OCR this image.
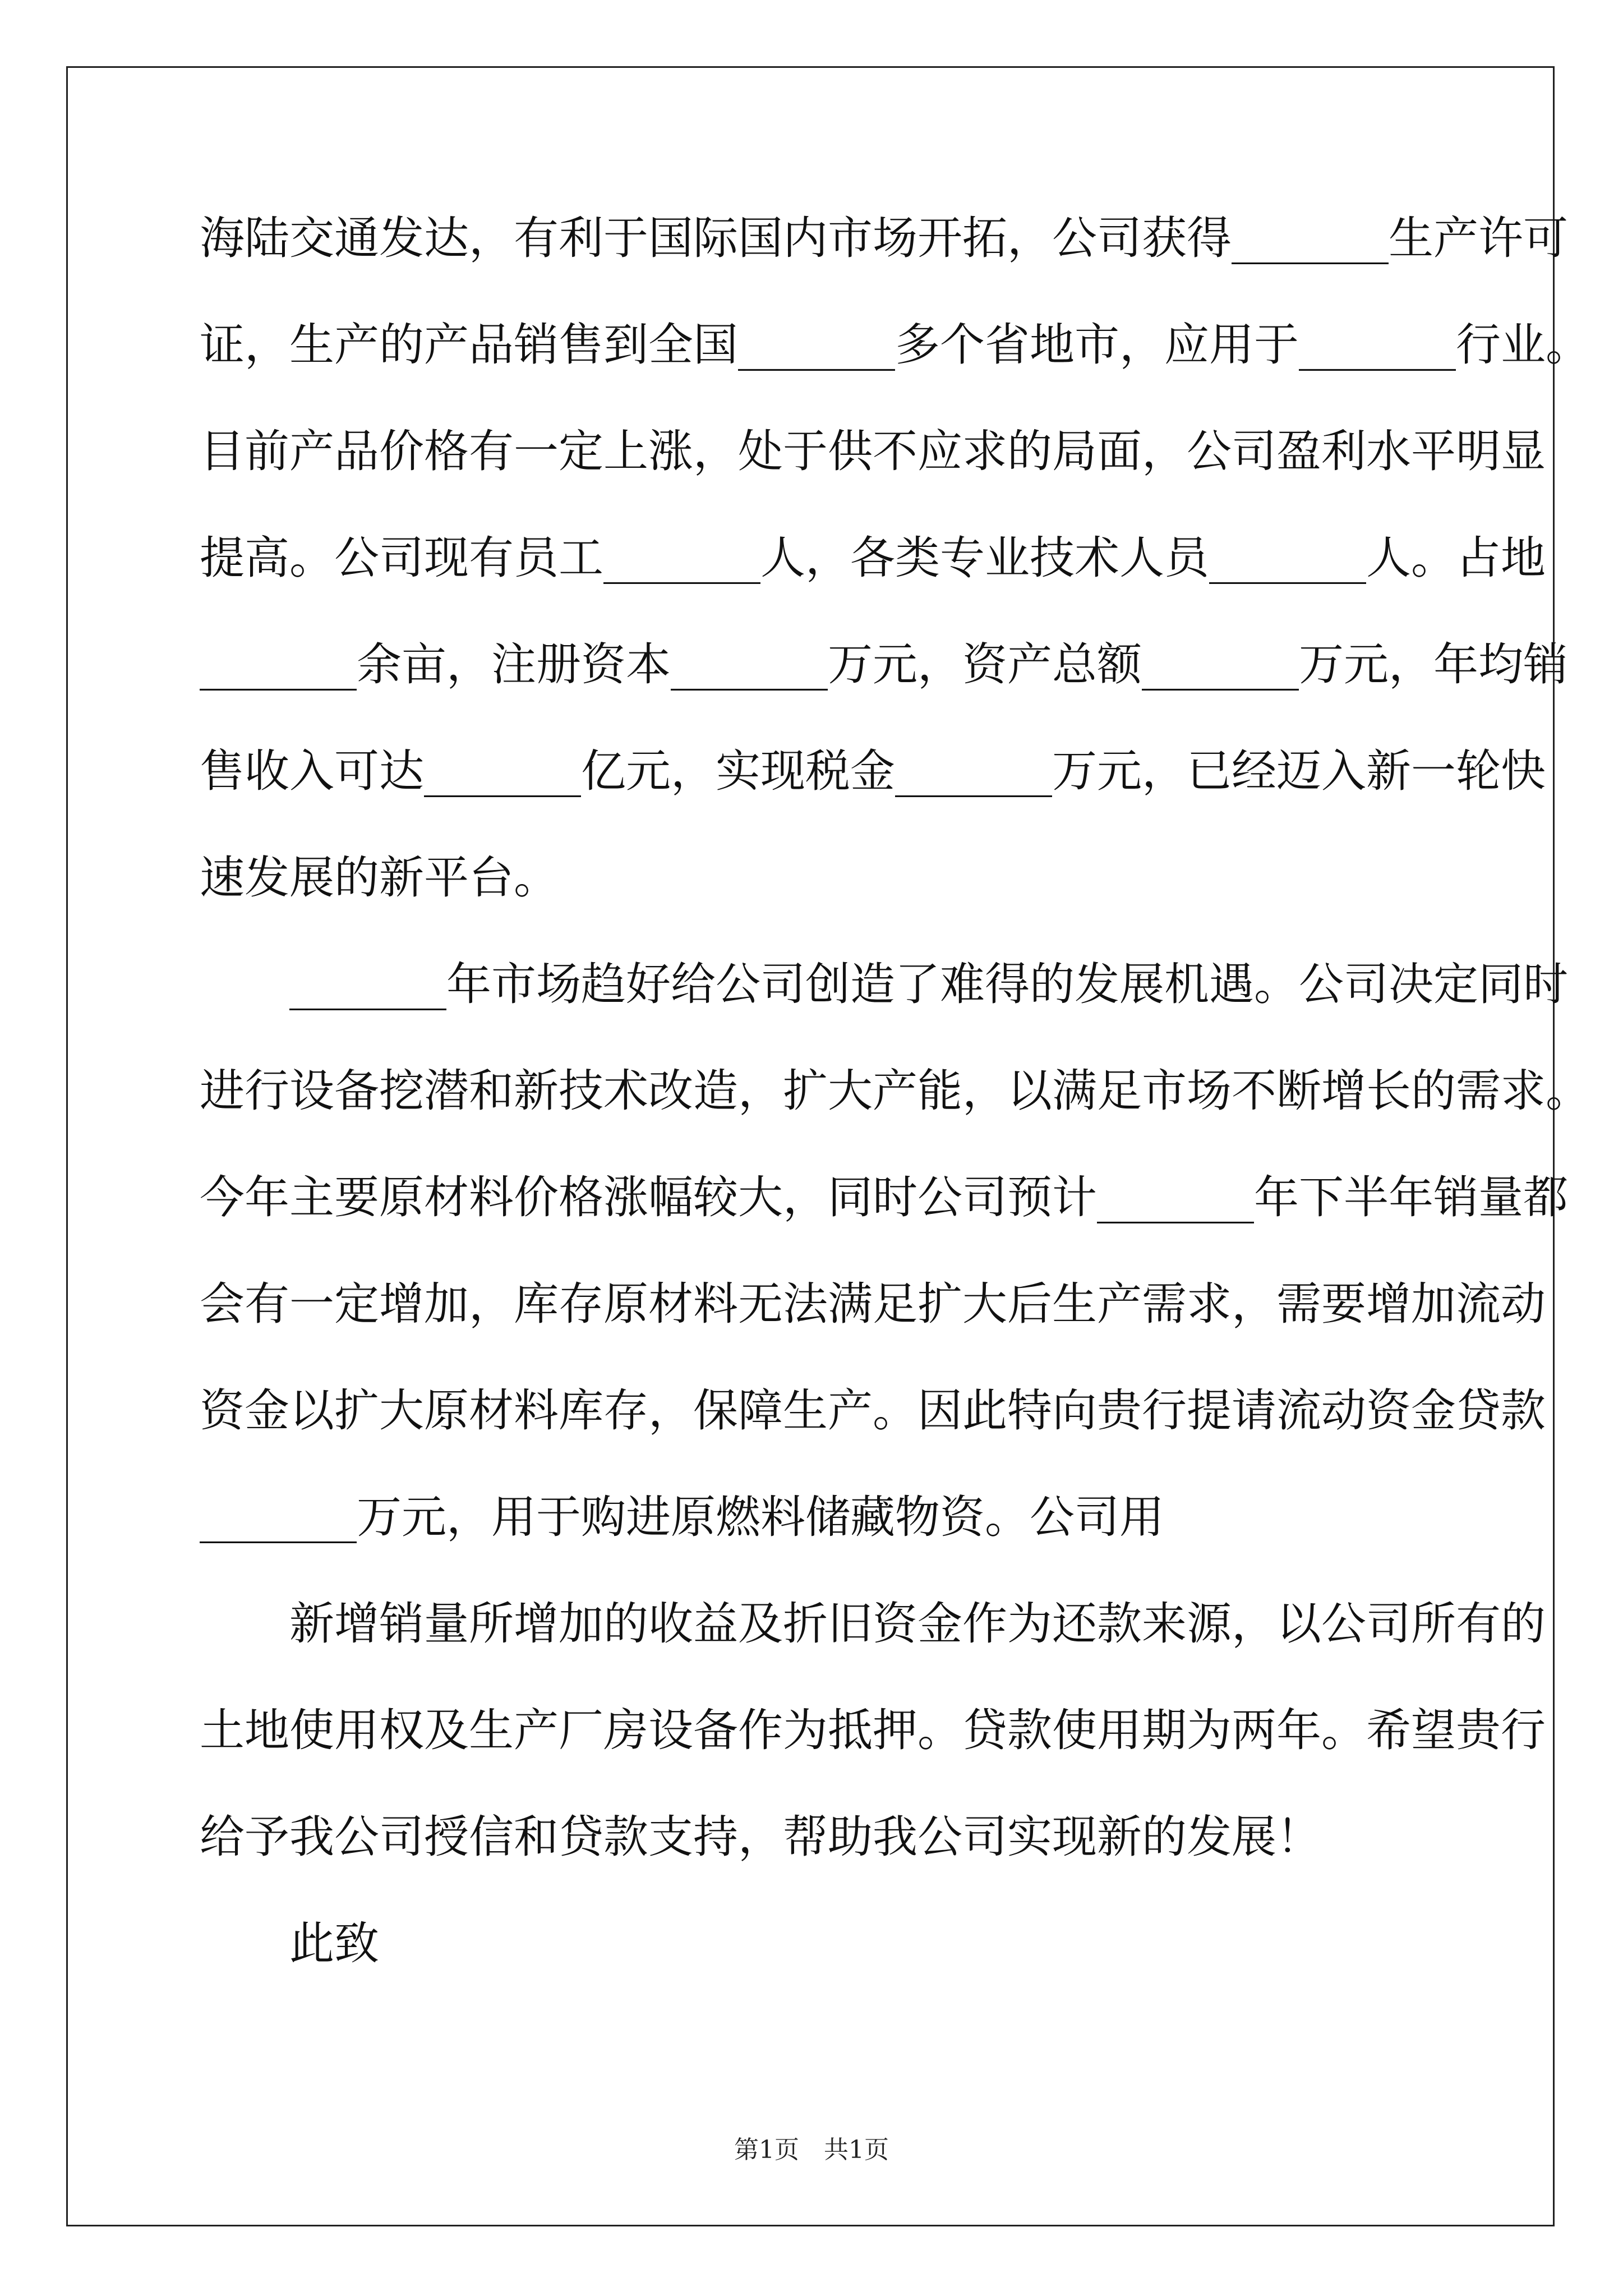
海陆交通发达，有利于国际国内市场开拓，公司获得_______生产许可
证，生产的产品销售到全国_______多个省地市，应用于_______行业。
目前产品价格有一定上涨，处于供不应求的局面，公司盈利水平明显
提高。公司现有员工_______人，各类专业技术人员_______人。占地
_______余亩，注册资本_______万元，资产总额_______万元，年均销
售收入可达_______亿元，实现税金_______万元，已经迈入新一轮快
速发展的新平台。
　　_______年市场趋好给公司创造了难得的发展机遇。公司决定同时
进行设备挖潜和新技术改造，扩大产能，以满足市场不断增长的需求。
今年主要原材料价格涨幅较大，同时公司预计_______年下半年销量都
会有一定增加，库存原材料无法满足扩大后生产需求，需要增加流动
资金以扩大原材料库存，保障生产。因此特向贵行提请流动资金贷款
_______万元，用于购进原燃料储藏物资。公司用
　　新增销量所增加的收益及折旧资金作为还款来源，以公司所有的
土地使用权及生产厂房设备作为抵押。贷款使用期为两年。希望贵行
给予我公司授信和贷款支持，帮助我公司实现新的发展！
　　此致
第1页　共1页
